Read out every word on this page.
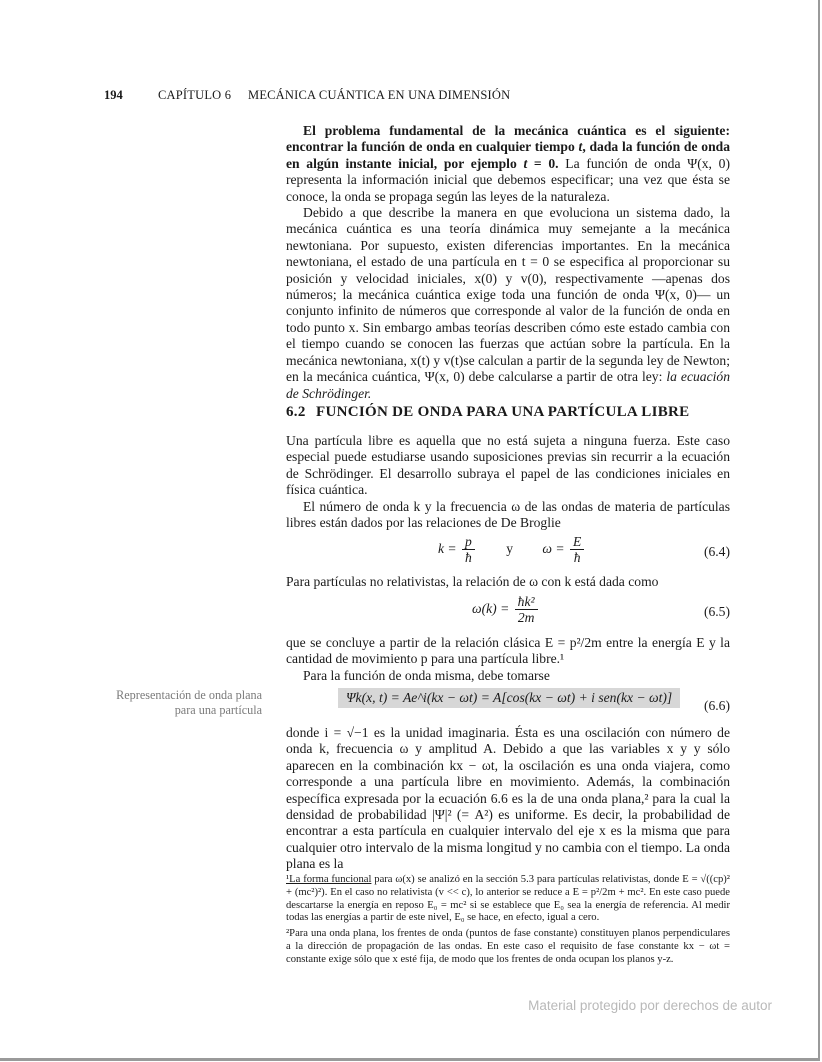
194	CAPÍTULO 6 MECÁNICA CUÁNTICA EN UNA DIMENSIÓN

El problema fundamental de la mecánica cuántica es el siguiente: encontrar la función de onda en cualquier tiempo t, dada la función de onda en algún instante inicial, por ejemplo t = 0. La función de onda Ψ(x, 0) representa la información inicial que debemos especificar; una vez que ésta se conoce, la onda se propaga según las leyes de la naturaleza.

Debido a que describe la manera en que evoluciona un sistema dado, la mecánica cuántica es una teoría dinámica muy semejante a la mecánica newtoniana. Por supuesto, existen diferencias importantes. En la mecánica newtoniana, el estado de una partícula en t = 0 se especifica al proporcionar su posición y velocidad iniciales, x(0) y v(0), respectivamente —apenas dos números; la mecánica cuántica exige toda una función de onda Ψ(x, 0)— un conjunto infinito de números que corresponde al valor de la función de onda en todo punto x. Sin embargo ambas teorías describen cómo este estado cambia con el tiempo cuando se conocen las fuerzas que actúan sobre la partícula. En la mecánica newtoniana, x(t) y v(t)se calculan a partir de la segunda ley de Newton; en la mecánica cuántica, Ψ(x, 0) debe calcularse a partir de otra ley: la ecuación de Schrödinger.

6.2 FUNCIÓN DE ONDA PARA UNA PARTÍCULA LIBRE

Una partícula libre es aquella que no está sujeta a ninguna fuerza. Este caso especial puede estudiarse usando suposiciones previas sin recurrir a la ecuación de Schrödinger. El desarrollo subraya el papel de las condiciones iniciales en física cuántica.

El número de onda k y la frecuencia ω de las ondas de materia de partículas libres están dados por las relaciones de De Broglie

$k = \frac{p}{ħ}$ y $\omega = \frac{E}{ħ}$	(6.4)

Para partículas no relativistas, la relación de ω con k está dada como

$\omega(k) = \frac{\text{ħk²}}{2m}$	(6.5)

que se concluye a partir de la relación clásica E = p²/2m entre la energía E y la cantidad de movimiento p para una partícula libre.¹

Para la función de onda misma, debe tomarse

Representación de onda plana
para una partícula
Ψk(x, t) = Ae^i(kx − ωt) = A[cos(kx − ωt) + i sen(kx − ωt)]
(6.6)

donde i = √−1 es la unidad imaginaria. Ésta es una oscilación con número de onda k, frecuencia ω y amplitud A. Debido a que las variables x y y sólo aparecen en la combinación kx − ωt, la oscilación es una onda viajera, como corresponde a una partícula libre en movimiento. Además, la combinación específica expresada por la ecuación 6.6 es la de una onda plana,² para la cual la densidad de probabilidad |Ψ|² (= A²) es uniforme. Es decir, la probabilidad de encontrar a esta partícula en cualquier intervalo del eje x es la misma que para cualquier otro intervalo de la misma longitud y no cambia con el tiempo. La onda plana es la

¹La forma funcional para ω(x) se analizó en la sección 5.3 para partículas relativistas, donde E = √((cp)² + (mc²)²). En el caso no relativista (v << c), lo anterior se reduce a E = p²/2m + mc². En este caso puede descartarse la energía en reposo E₀ = mc² si se establece que E₀ sea la energía de referencia. Al medir todas las energías a partir de este nivel, E₀ se hace, en efecto, igual a cero.

²Para una onda plana, los frentes de onda (puntos de fase constante) constituyen planos perpendiculares a la dirección de propagación de las ondas. En este caso el requisito de fase constante kx − ωt = constante exige sólo que x esté fija, de modo que los frentes de onda ocupan los planos y-z.

Material protegido por derechos de autor
